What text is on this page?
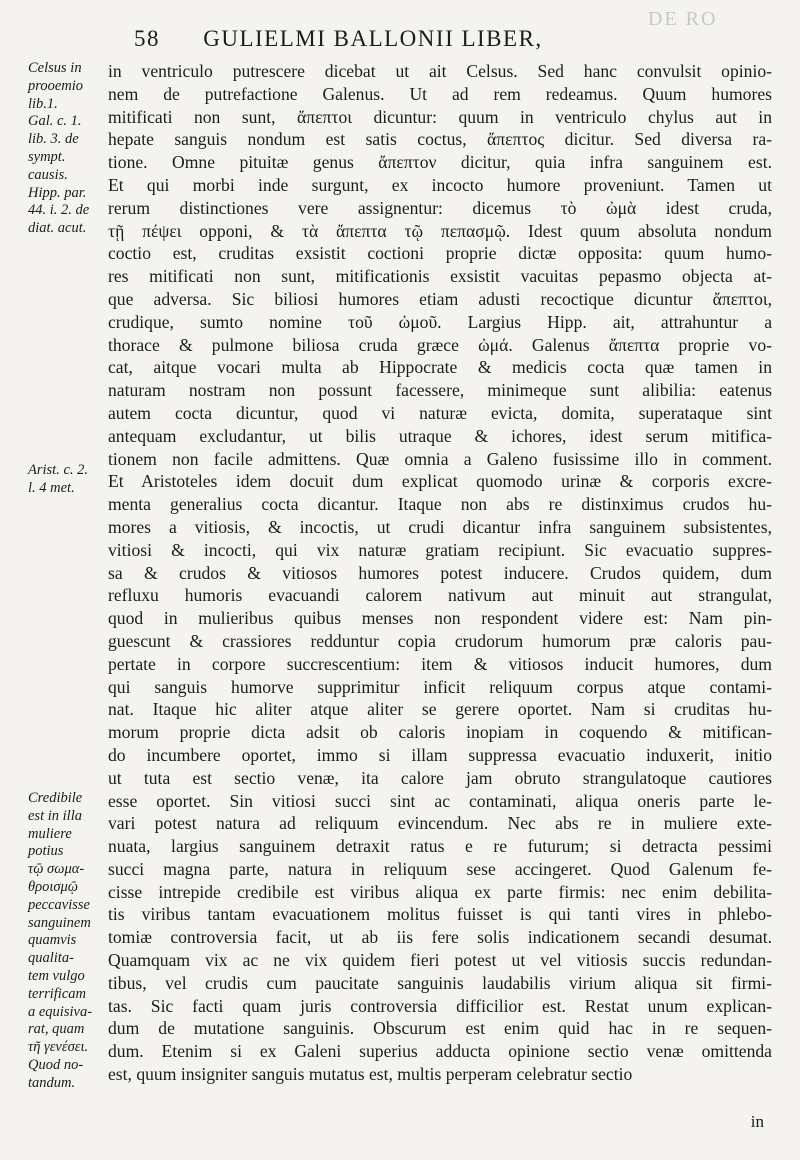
DE RO
58 GULIELMI BALLONII LIBER,
Celsus in
prooemio
lib.1.
Gal. c. 1.
lib. 3. de
sympt.
causis.
Hipp. par.
44. i. 2. de
diat. acut.
Arist. c. 2.
l. 4 met.
Credibile
est in illa
muliere
potius
τῷ σωμα-
θροισμῷ
peccavisse
sanguinem
quamvis
qualita-
tem vulgo
terrificam
a equisiva-
rat, quam
τῆ γενέσει.
Quod no-
tandum.
in ventriculo putrescere dicebat ut ait Celsus. Sed hanc convulsit opinio-
nem de putrefactione Galenus. Ut ad rem redeamus. Quum humores
mitificati non sunt, ἄπεπτοι dicuntur: quum in ventriculo chylus aut in
hepate sanguis nondum est satis coctus, ἄπεπτος dicitur. Sed diversa ra-
tione. Omne pituitæ genus ἄπεπτον dicitur, quia infra sanguinem est.
Et qui morbi inde surgunt, ex incocto humore proveniunt. Tamen ut
rerum distinctiones vere assignentur: dicemus τὸ ὠμὰ idest cruda,
τῇ πέψει opponi, & τὰ ἄπεπτα τῷ πεπασμῷ. Idest quum absoluta nondum
coctio est, cruditas exsistit coctioni proprie dictæ opposita: quum humo-
res mitificati non sunt, mitificationis exsistit vacuitas pepasmo objecta at-
que adversa. Sic biliosi humores etiam adusti recoctique dicuntur ἄπεπτοι,
crudique, sumto nomine τοῦ ὠμοῦ. Largius Hipp. ait, attrahuntur a
thorace & pulmone biliosa cruda græce ὠμά. Galenus ἄπεπτα proprie vo-
cat, aitque vocari multa ab Hippocrate & medicis cocta quæ tamen in
naturam nostram non possunt facessere, minimeque sunt alibilia: eatenus
autem cocta dicuntur, quod vi naturæ evicta, domita, superataque sint
antequam excludantur, ut bilis utraque & ichores, idest serum mitifica-
tionem non facile admittens. Quæ omnia a Galeno fusissime illo in comment.
Et Aristoteles idem docuit dum explicat quomodo urinæ & corporis excre-
menta generalius cocta dicantur. Itaque non abs re distinximus crudos hu-
mores a vitiosis, & incoctis, ut crudi dicantur infra sanguinem subsistentes,
vitiosi & incocti, qui vix naturæ gratiam recipiunt. Sic evacuatio suppres-
sa & crudos & vitiosos humores potest inducere. Crudos quidem, dum
refluxu humoris evacuandi calorem nativum aut minuit aut strangulat,
quod in mulieribus quibus menses non respondent videre est: Nam pin-
guescunt & crassiores redduntur copia crudorum humorum præ caloris pau-
pertate in corpore succrescentium: item & vitiosos inducit humores, dum
qui sanguis humorve supprimitur inficit reliquum corpus atque contami-
nat. Itaque hic aliter atque aliter se gerere oportet. Nam si cruditas hu-
morum proprie dicta adsit ob caloris inopiam in coquendo & mitifican-
do incumbere oportet, immo si illam suppressa evacuatio induxerit, initio
ut tuta est sectio venæ, ita calore jam obruto strangulatoque cautiores
esse oportet. Sin vitiosi succi sint ac contaminati, aliqua oneris parte le-
vari potest natura ad reliquum evincendum. Nec abs re in muliere exte-
nuata, largius sanguinem detraxit ratus e re futurum; si detracta pessimi
succi magna parte, natura in reliquum sese accingeret. Quod Galenum fe-
cisse intrepide credibile est viribus aliqua ex parte firmis: nec enim debilita-
tis viribus tantam evacuationem molitus fuisset is qui tanti vires in phlebo-
tomiæ controversia facit, ut ab iis fere solis indicationem secandi desumat.
Quamquam vix ac ne vix quidem fieri potest ut vel vitiosis succis redundan-
tibus, vel crudis cum paucitate sanguinis laudabilis virium aliqua sit firmi-
tas. Sic facti quam juris controversia difficilior est. Restat unum explican-
dum de mutatione sanguinis. Obscurum est enim quid hac in re sequen-
dum. Etenim si ex Galeni superius adducta opinione sectio venæ omittenda
est, quum insigniter sanguis mutatus est, multis perperam celebratur sectio
in
